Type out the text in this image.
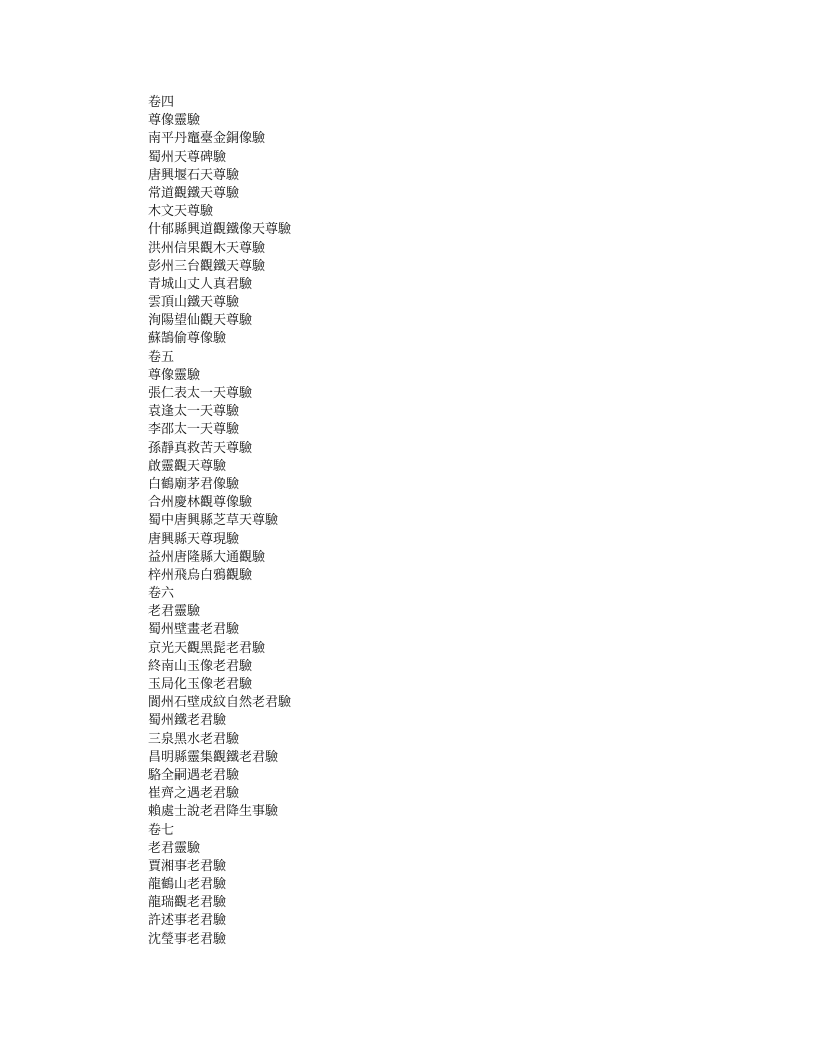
卷四
尊像靈驗
南平丹竈臺金銅像驗
蜀州天尊碑驗
唐興堰石天尊驗
常道觀鐵天尊驗
木文天尊驗
什郁縣興道觀鐵像天尊驗
洪州信果觀木天尊驗
彭州三台觀鐵天尊驗
青城山丈人真君驗
雲頂山鐵天尊驗
洵陽望仙觀天尊驗
蘇鵠偷尊像驗
卷五
尊像靈驗
張仁表太一天尊驗
袁逢太一天尊驗
李邵太一天尊驗
孫靜真救苦天尊驗
啟靈觀天尊驗
白鶴廟茅君像驗
合州慶林觀尊像驗
蜀中唐興縣芝草天尊驗
唐興縣天尊現驗
益州唐隆縣大通觀驗
梓州飛烏白鴉觀驗
卷六
老君靈驗
蜀州壁畫老君驗
京光天觀黑髭老君驗
終南山玉像老君驗
玉局化玉像老君驗
閬州石壁成紋自然老君驗
蜀州鐵老君驗
三泉黑水老君驗
昌明縣靈集觀鐵老君驗
駱全嗣遇老君驗
崔齊之遇老君驗
賴處士說老君降生事驗
卷七
老君靈驗
賈湘事老君驗
龍鶴山老君驗
龍瑞觀老君驗
許述事老君驗
沈瑩事老君驗
